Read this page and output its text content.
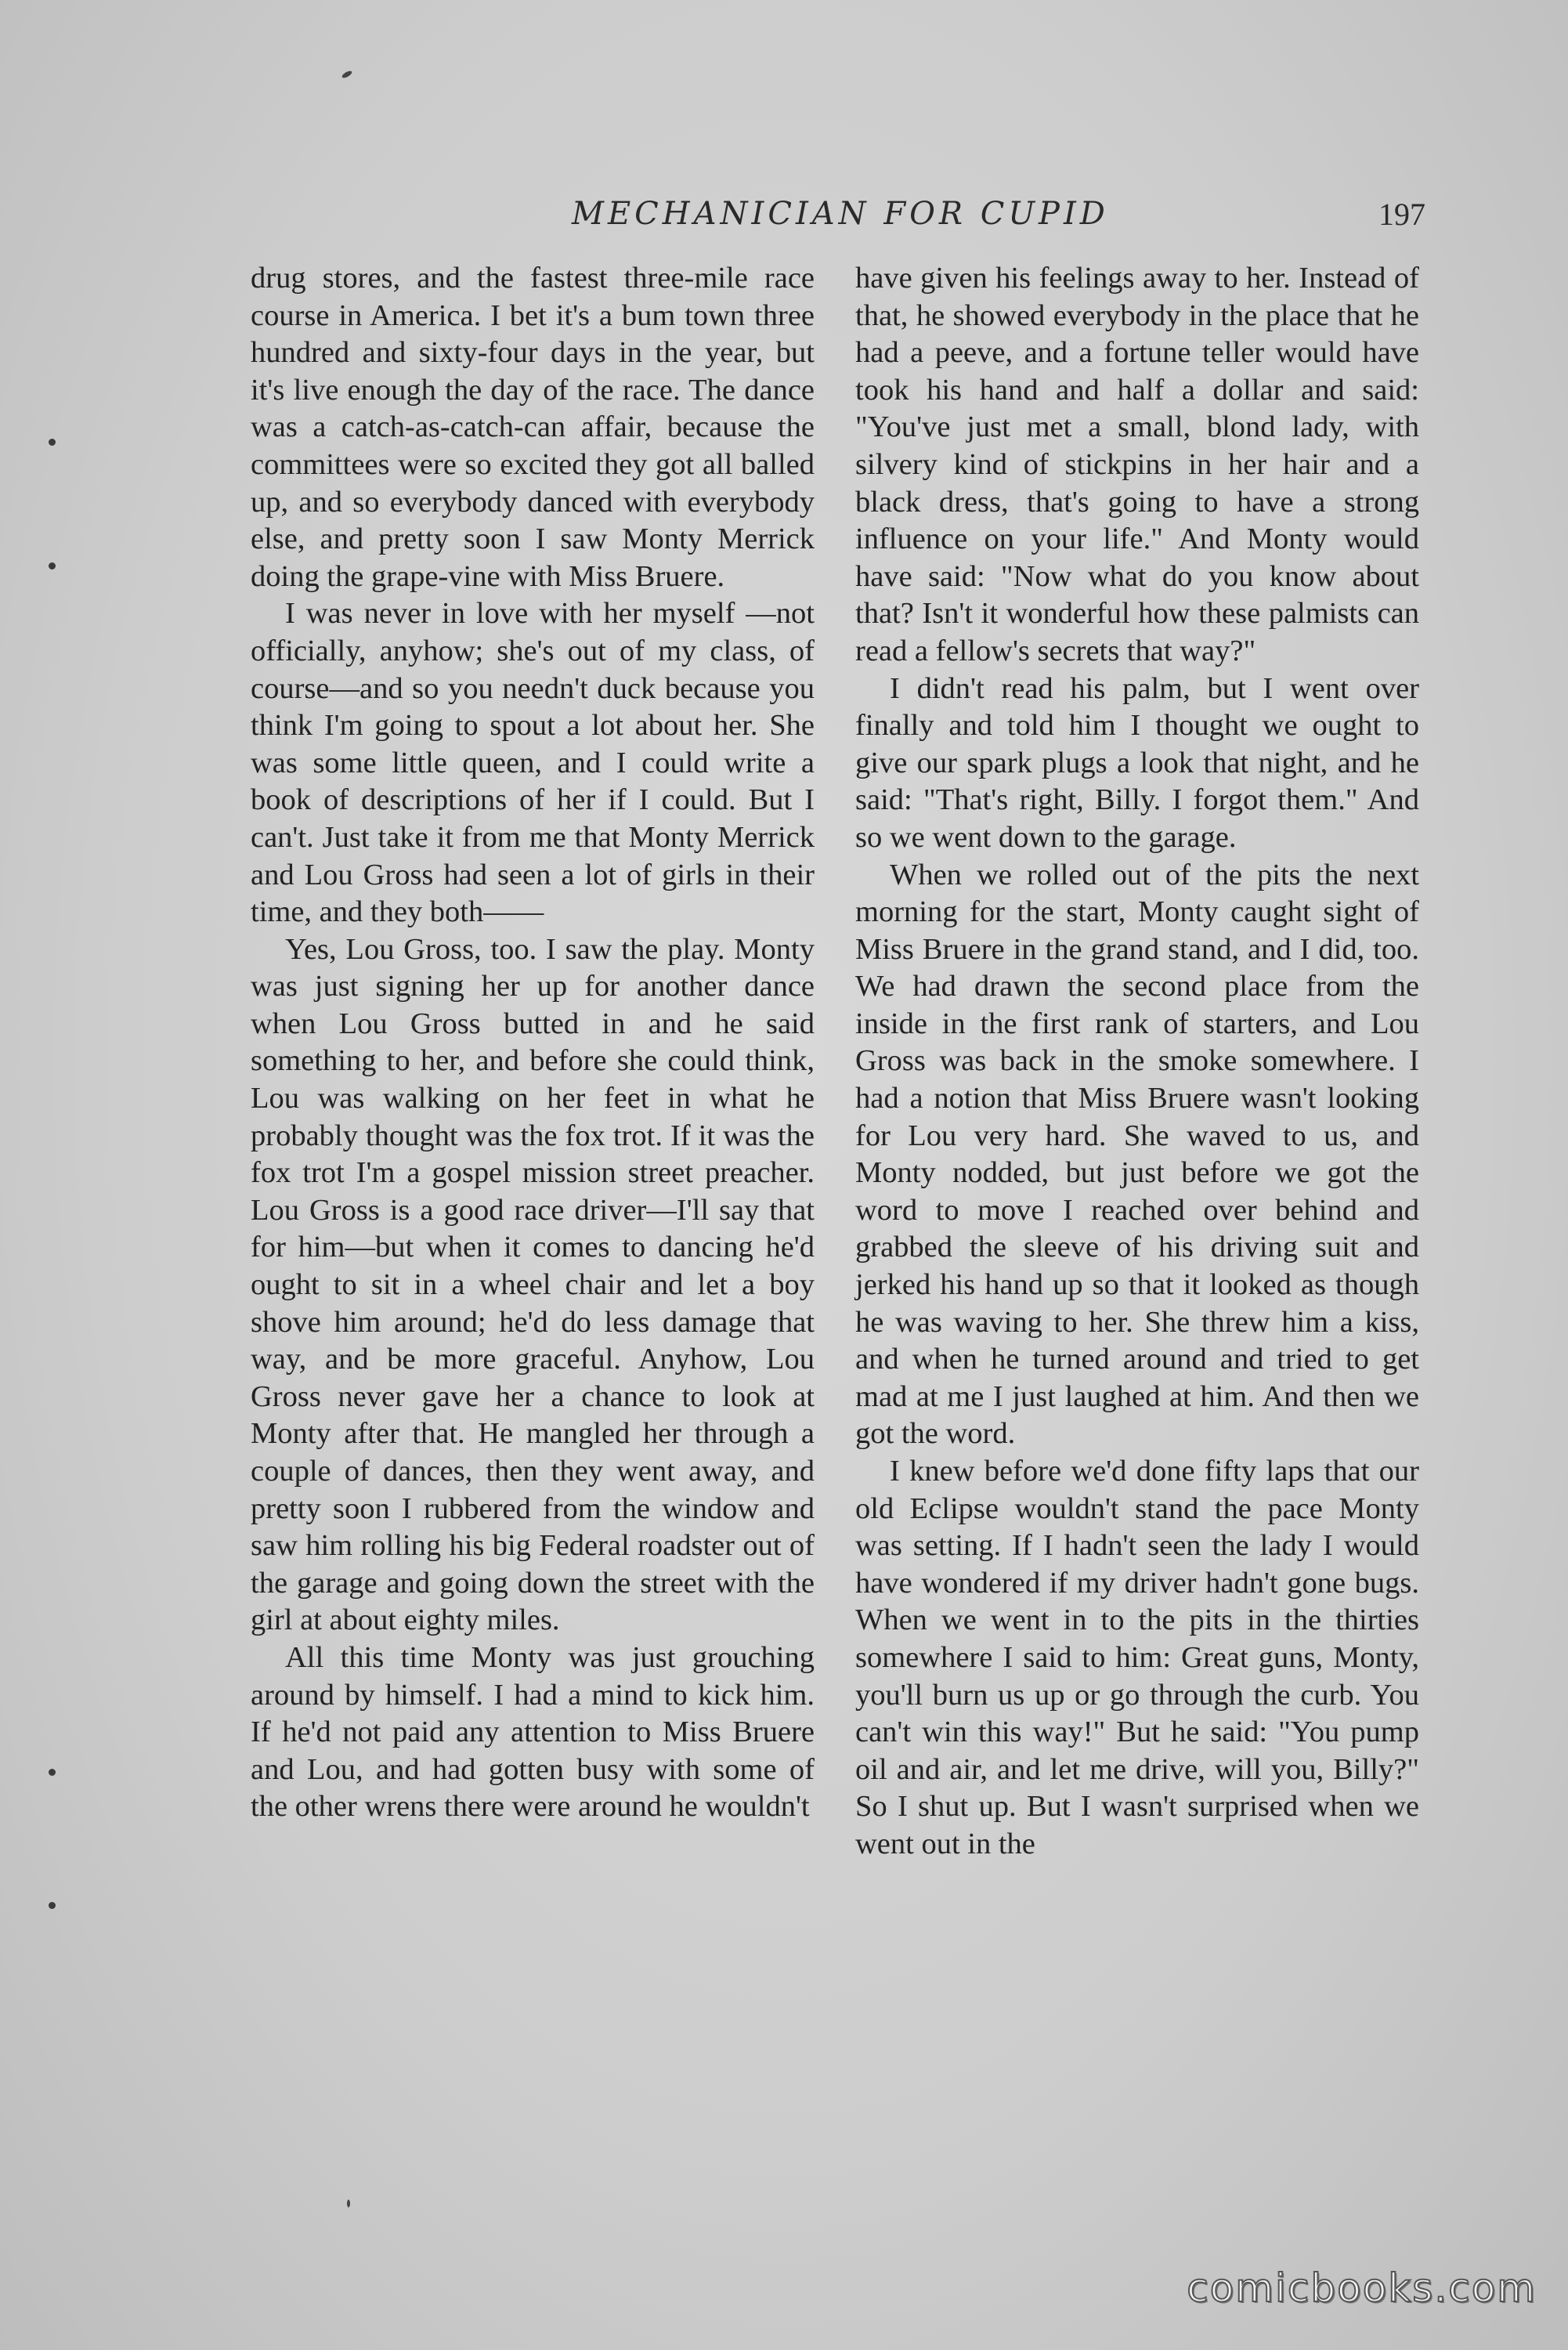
MECHANICIAN FOR CUPID	197

drug stores, and the fastest three-mile race course in America. I bet it's a bum town three hundred and sixty-four days in the year, but it's live enough the day of the race. The dance was a catch-as-catch-can affair, because the committees were so excited they got all balled up, and so everybody danced with everybody else, and pretty soon I saw Monty Merrick doing the grape-vine with Miss Bruere.

I was never in love with her myself —not officially, anyhow; she's out of my class, of course—and so you needn't duck because you think I'm going to spout a lot about her. She was some little queen, and I could write a book of descriptions of her if I could. But I can't. Just take it from me that Monty Merrick and Lou Gross had seen a lot of girls in their time, and they both——

Yes, Lou Gross, too. I saw the play. Monty was just signing her up for another dance when Lou Gross butted in and he said something to her, and before she could think, Lou was walking on her feet in what he probably thought was the fox trot. If it was the fox trot I'm a gospel mission street preacher. Lou Gross is a good race driver—I'll say that for him—but when it comes to dancing he'd ought to sit in a wheel chair and let a boy shove him around; he'd do less damage that way, and be more graceful. Anyhow, Lou Gross never gave her a chance to look at Monty after that. He mangled her through a couple of dances, then they went away, and pretty soon I rubbered from the window and saw him rolling his big Federal roadster out of the garage and going down the street with the girl at about eighty miles.

All this time Monty was just grouching around by himself. I had a mind to kick him. If he'd not paid any attention to Miss Bruere and Lou, and had gotten busy with some of the other wrens there were around he wouldn't

have given his feelings away to her. Instead of that, he showed everybody in the place that he had a peeve, and a fortune teller would have took his hand and half a dollar and said: "You've just met a small, blond lady, with silvery kind of stickpins in her hair and a black dress, that's going to have a strong influence on your life." And Monty would have said: "Now what do you know about that? Isn't it wonderful how these palmists can read a fellow's secrets that way?"

I didn't read his palm, but I went over finally and told him I thought we ought to give our spark plugs a look that night, and he said: "That's right, Billy. I forgot them." And so we went down to the garage.

When we rolled out of the pits the next morning for the start, Monty caught sight of Miss Bruere in the grand stand, and I did, too. We had drawn the second place from the inside in the first rank of starters, and Lou Gross was back in the smoke somewhere. I had a notion that Miss Bruere wasn't looking for Lou very hard. She waved to us, and Monty nodded, but just before we got the word to move I reached over behind and grabbed the sleeve of his driving suit and jerked his hand up so that it looked as though he was waving to her. She threw him a kiss, and when he turned around and tried to get mad at me I just laughed at him. And then we got the word.

I knew before we'd done fifty laps that our old Eclipse wouldn't stand the pace Monty was setting. If I hadn't seen the lady I would have wondered if my driver hadn't gone bugs. When we went in to the pits in the thirties somewhere I said to him: Great guns, Monty, you'll burn us up or go through the curb. You can't win this way!" But he said: "You pump oil and air, and let me drive, will you, Billy?" So I shut up. But I wasn't surprised when we went out in the

comicbooks.com
